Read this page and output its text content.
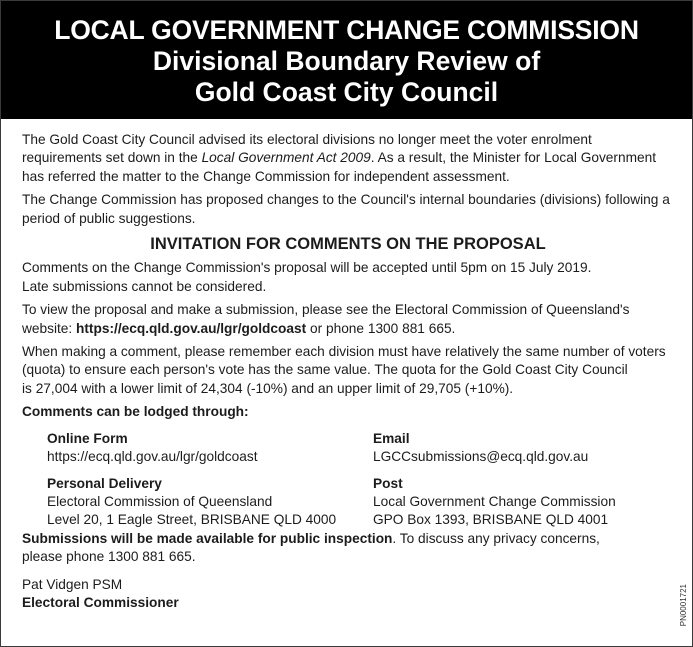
LOCAL GOVERNMENT CHANGE COMMISSION
Divisional Boundary Review of
Gold Coast City Council

The Gold Coast City Council advised its electoral divisions no longer meet the voter enrolment requirements set down in the Local Government Act 2009. As a result, the Minister for Local Government has referred the matter to the Change Commission for independent assessment.

The Change Commission has proposed changes to the Council's internal boundaries (divisions) following a period of public suggestions.

INVITATION FOR COMMENTS ON THE PROPOSAL

Comments on the Change Commission's proposal will be accepted until 5pm on 15 July 2019.
Late submissions cannot be considered.

To view the proposal and make a submission, please see the Electoral Commission of Queensland's website: https://ecq.qld.gov.au/lgr/goldcoast or phone 1300 881 665.

When making a comment, please remember each division must have relatively the same number of voters
(quota) to ensure each person's vote has the same value. The quota for the Gold Coast City Council
is 27,004 with a lower limit of 24,304 (-10%) and an upper limit of 29,705 (+10%).

Comments can be lodged through:
Online Form
https://ecq.qld.gov.au/lgr/goldcoast
Email
LGCCsubmissions@ecq.qld.gov.au
Personal Delivery
Electoral Commission of Queensland
Level 20, 1 Eagle Street, BRISBANE QLD 4000
Post
Local Government Change Commission
GPO Box 1393, BRISBANE QLD 4001

Submissions will be made available for public inspection. To discuss any privacy concerns,
please phone 1300 881 665.

Pat Vidgen PSM
Electoral Commissioner	PN0001721
